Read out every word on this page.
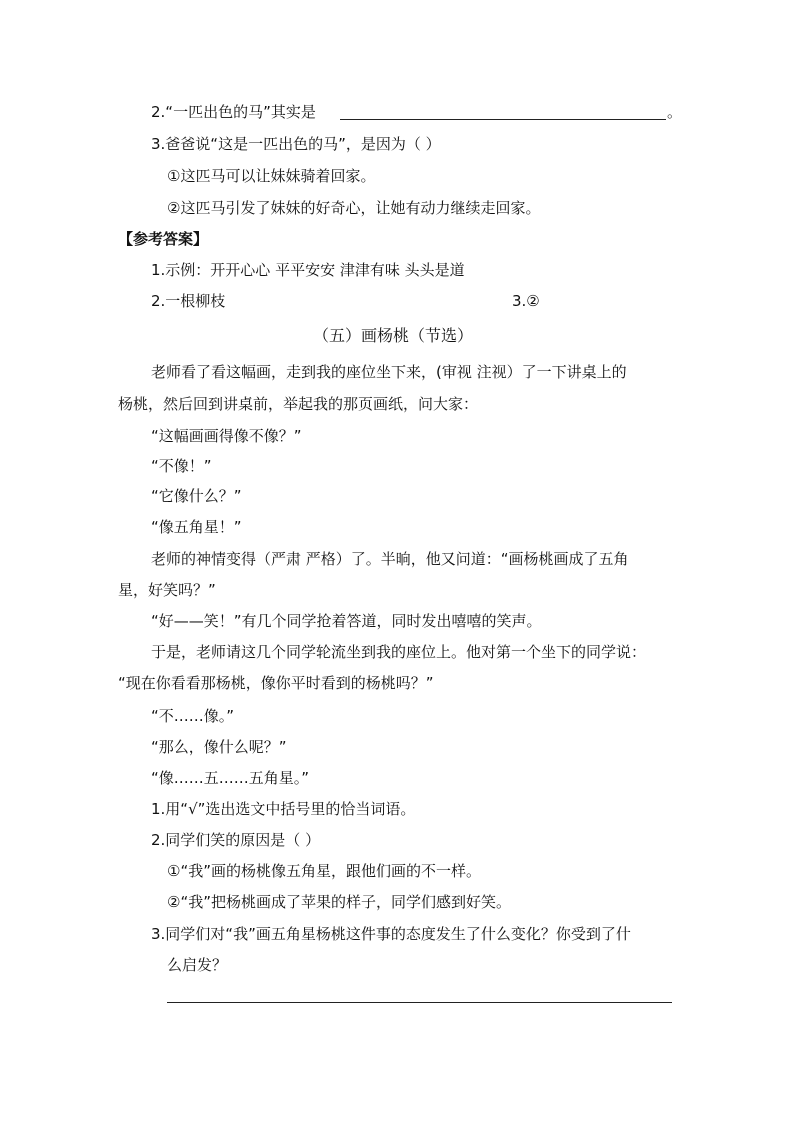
2.“一匹出色的马”其实是	。
3.爸爸说“这是一匹出色的马”，是因为（ ）
①这匹马可以让妹妹骑着回家。
②这匹马引发了妹妹的好奇心，让她有动力继续走回家。
【参考答案】
1.示例：开开心心 平平安安 津津有味 头头是道
2.一根柳枝	3.②
（五）画杨桃（节选）
老师看了看这幅画，走到我的座位坐下来，(审视 注视）了一下讲桌上的
杨桃，然后回到讲桌前，举起我的那页画纸，问大家：
“这幅画画得像不像？”
“不像！”
“它像什么？”
“像五角星！”
老师的神情变得（严肃 严格）了。半晌，他又问道：“画杨桃画成了五角
星，好笑吗？”
“好——笑！”有几个同学抢着答道，同时发出嘻嘻的笑声。
于是，老师请这几个同学轮流坐到我的座位上。他对第一个坐下的同学说：
“现在你看看那杨桃，像你平时看到的杨桃吗？”
“不……像。”
“那么，像什么呢？”
“像……五……五角星。”
1.用“√”选出选文中括号里的恰当词语。
2.同学们笑的原因是（ ）
①“我”画的杨桃像五角星，跟他们画的不一样。
②“我”把杨桃画成了苹果的样子，同学们感到好笑。
3.同学们对“我”画五角星杨桃这件事的态度发生了什么变化？你受到了什
么启发？
